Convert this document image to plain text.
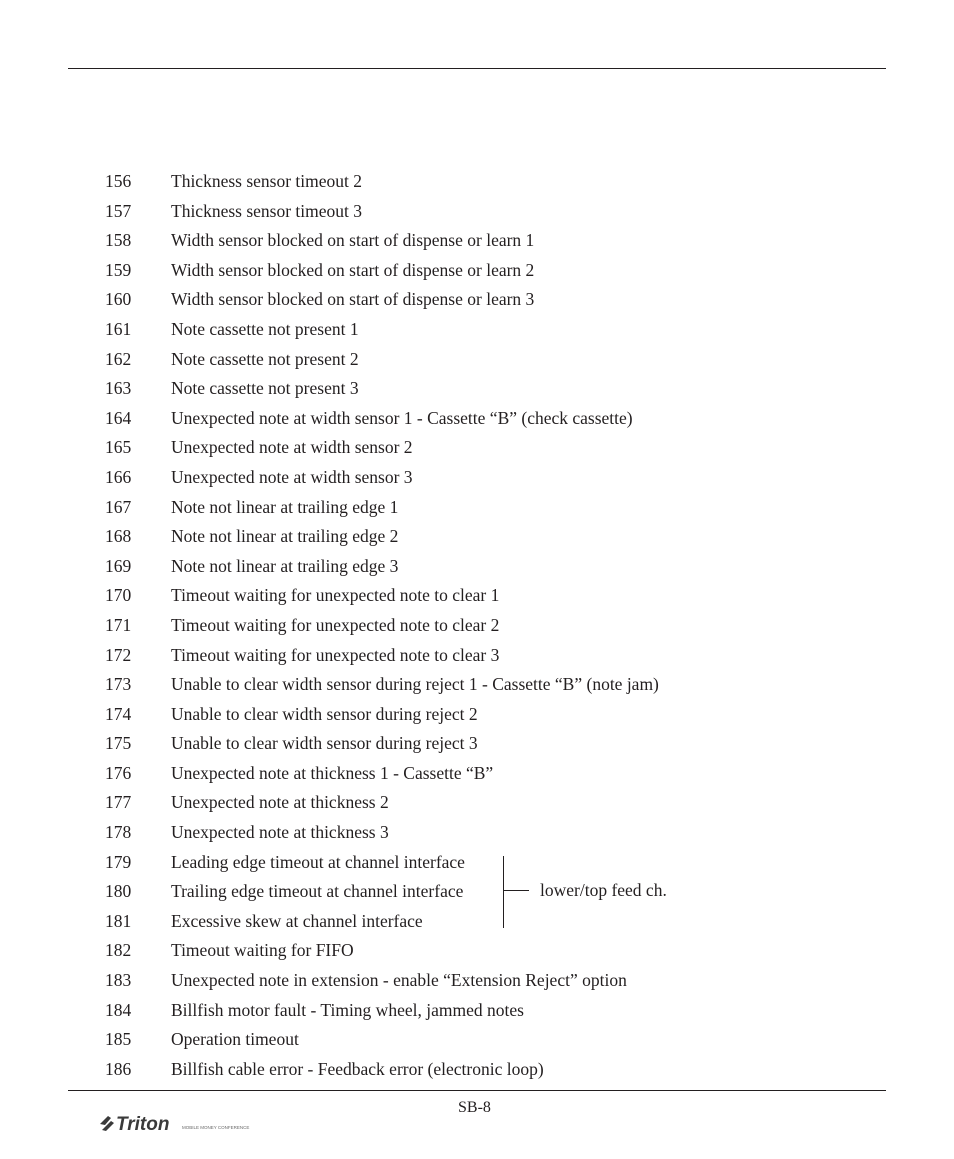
156	Thickness sensor timeout 2
157	Thickness sensor timeout 3
158	Width sensor blocked on start of dispense or learn 1
159	Width sensor blocked on start of dispense or learn 2
160	Width sensor blocked on start of dispense or learn 3
161	Note cassette not present 1
162	Note cassette not present 2
163	Note cassette not present 3
164	Unexpected note at width sensor 1 - Cassette “B” (check cassette)
165	Unexpected note at width sensor 2
166	Unexpected note at width sensor 3
167	Note not linear at trailing edge 1
168	Note not linear at trailing edge 2
169	Note not linear at trailing edge 3
170	Timeout waiting for unexpected note to clear 1
171	Timeout waiting for unexpected note to clear 2
172	Timeout waiting for unexpected note to clear 3
173	Unable to clear width sensor during reject 1 - Cassette “B” (note jam)
174	Unable to clear width sensor during reject 2
175	Unable to clear width sensor during reject 3
176	Unexpected note at thickness 1 - Cassette “B”
177	Unexpected note at thickness 2
178	Unexpected note at thickness 3
179	Leading edge timeout at channel interface
180	Trailing edge timeout at channel interface
181	Excessive skew at channel interface
182	Timeout waiting for FIFO
183	Unexpected note in extension - enable “Extension Reject” option
184	Billfish motor fault - Timing wheel, jammed notes
185	Operation timeout
186	Billfish cable error - Feedback error (electronic loop)
lower/top feed ch.
SB-8
Triton	MOBILE MONEY CONFERENCE
